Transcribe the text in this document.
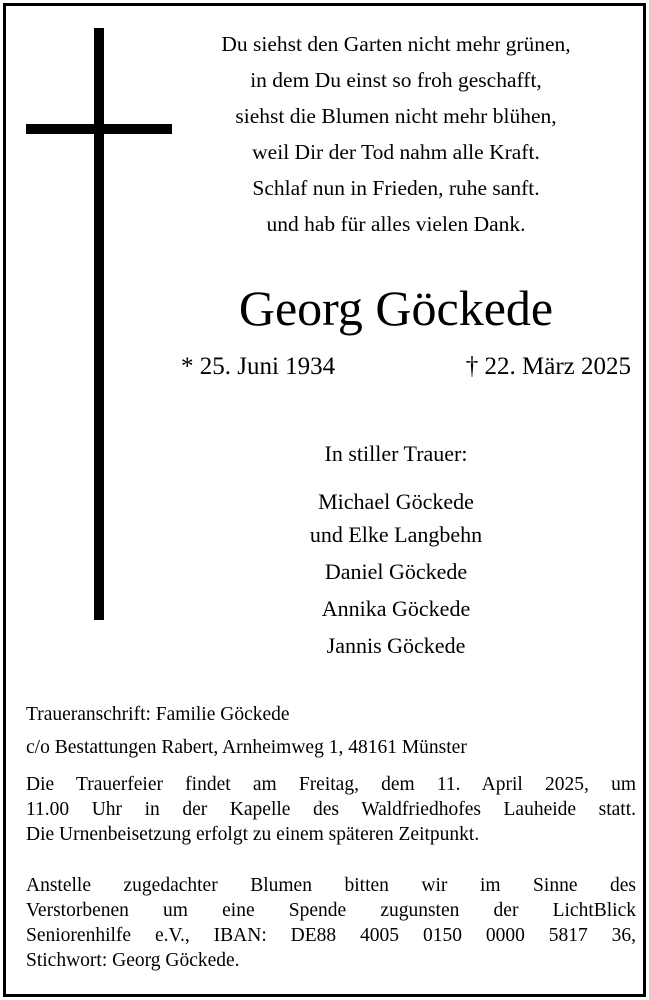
Du siehst den Garten nicht mehr grünen,
in dem Du einst so froh geschafft,
siehst die Blumen nicht mehr blühen,
weil Dir der Tod nahm alle Kraft.
Schlaf nun in Frieden, ruhe sanft.
und hab für alles vielen Dank.
Georg Göckede
* 25. Juni 1934	† 22. März 2025
In stiller Trauer:
Michael Göckede
und Elke Langbehn
Daniel Göckede
Annika Göckede
Jannis Göckede
Traueranschrift: Familie Göckede
c/o Bestattungen Rabert, Arnheimweg 1, 48161 Münster
Die Trauerfeier findet am Freitag, dem 11. April 2025, um
11.00 Uhr in der Kapelle des Waldfriedhofes Lauheide statt.
Die Urnenbeisetzung erfolgt zu einem späteren Zeitpunkt.
Anstelle zugedachter Blumen bitten wir im Sinne des
Verstorbenen um eine Spende zugunsten der LichtBlick
Seniorenhilfe e.V., IBAN: DE88 4005 0150 0000 5817 36,
Stichwort: Georg Göckede.
